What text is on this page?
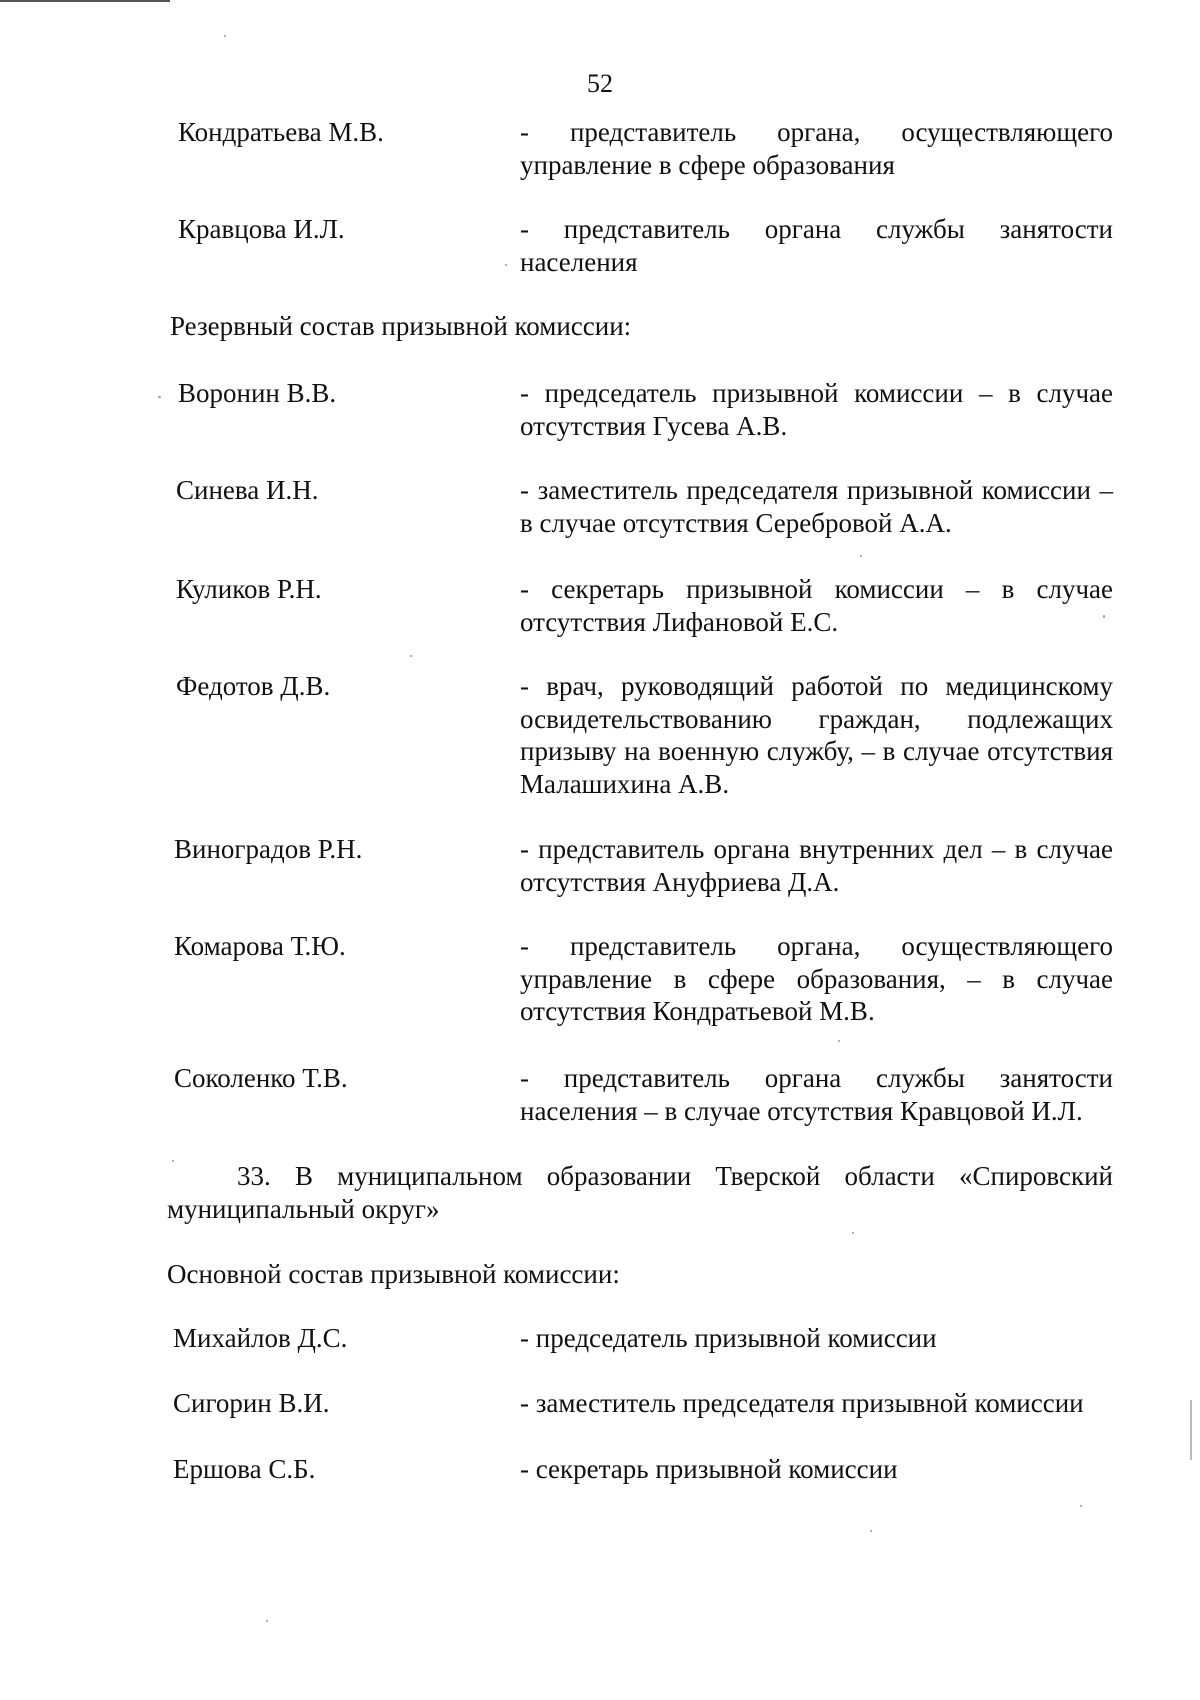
52
Кондратьева М.В.	- представитель органа, осуществляющего управление в сфере образования
Кравцова И.Л.	- представитель органа службы занятости населения
Резервный состав призывной комиссии:
Воронин В.В.	- председатель призывной комиссии – в случае отсутствия Гусева А.В.
Синева И.Н.	- заместитель председателя призывной комиссии – в случае отсутствия Серебровой А.А.
Куликов Р.Н.	- секретарь призывной комиссии – в случае отсутствия Лифановой Е.С.
Федотов Д.В.	- врач, руководящий работой по медицинскому освидетельствованию граждан, подлежащих призыву на военную службу, – в случае отсутствия Малашихина А.В.
Виноградов Р.Н.	- представитель органа внутренних дел – в случае отсутствия Ануфриева Д.А.
Комарова Т.Ю.	- представитель органа, осуществляющего управление в сфере образования, – в случае отсутствия Кондратьевой М.В.
Соколенко Т.В.	- представитель органа службы занятости населения – в случае отсутствия Кравцовой И.Л.
33. В муниципальном образовании Тверской области «Спировский
муниципальный округ»
Основной состав призывной комиссии:
Михайлов Д.С.	- председатель призывной комиссии
Сигорин В.И.	- заместитель председателя призывной комиссии
Ершова С.Б.	- секретарь призывной комиссии
